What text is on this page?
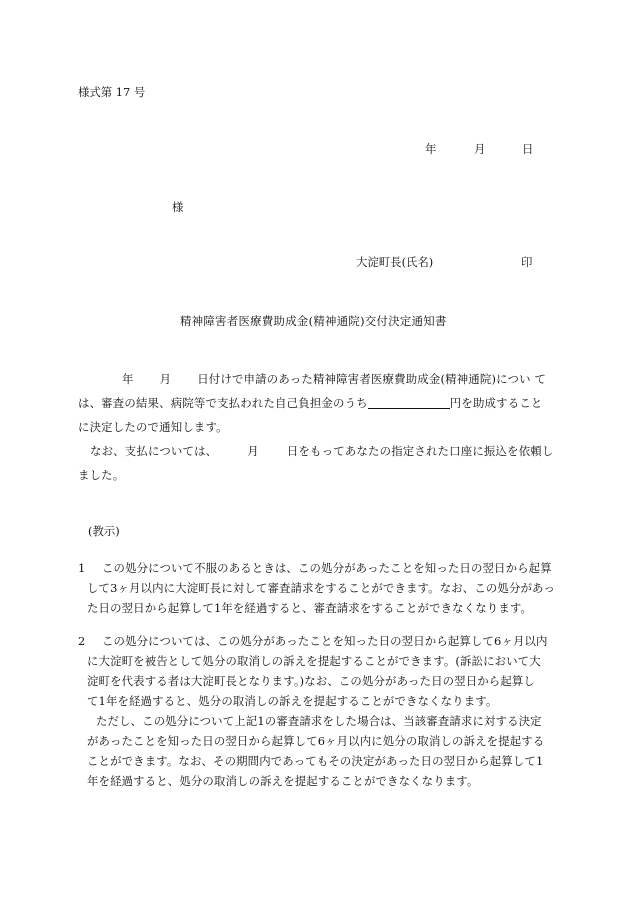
様式第 17 号
年	月	日
様
大淀町長(氏名)	印
精神障害者医療費助成金(精神通院)交付決定通知書
年 月 日付けで申請のあった精神障害者医療費助成金(精神通院)につい て
は、審査の結果、病院等で支払われた自己負担金のうち	円を助成すること
に決定したので通知します。
なお、支払については、	月 日をもってあなたの指定された口座に振込を依頼し
ました。
(教示)
1 この処分について不服のあるときは、この処分があったことを知った日の翌日から起算
して3ヶ月以内に大淀町長に対して審査請求をすることができます。なお、この処分があっ
た日の翌日から起算して1年を経過すると、審査請求をすることができなくなります。
2 この処分については、この処分があったことを知った日の翌日から起算して6ヶ月以内
に大淀町を被告として処分の取消しの訴えを提起することができます。(訴訟において大
淀町を代表する者は大淀町長となります。)なお、この処分があった日の翌日から起算し
て1年を経過すると、処分の取消しの訴えを提起することができなくなります。
ただし、この処分について上記1の審査請求をした場合は、当該審査請求に対する決定
があったことを知った日の翌日から起算して6ヶ月以内に処分の取消しの訴えを提起する
ことができます。なお、その期間内であってもその決定があった日の翌日から起算して1
年を経過すると、処分の取消しの訴えを提起することができなくなります。
